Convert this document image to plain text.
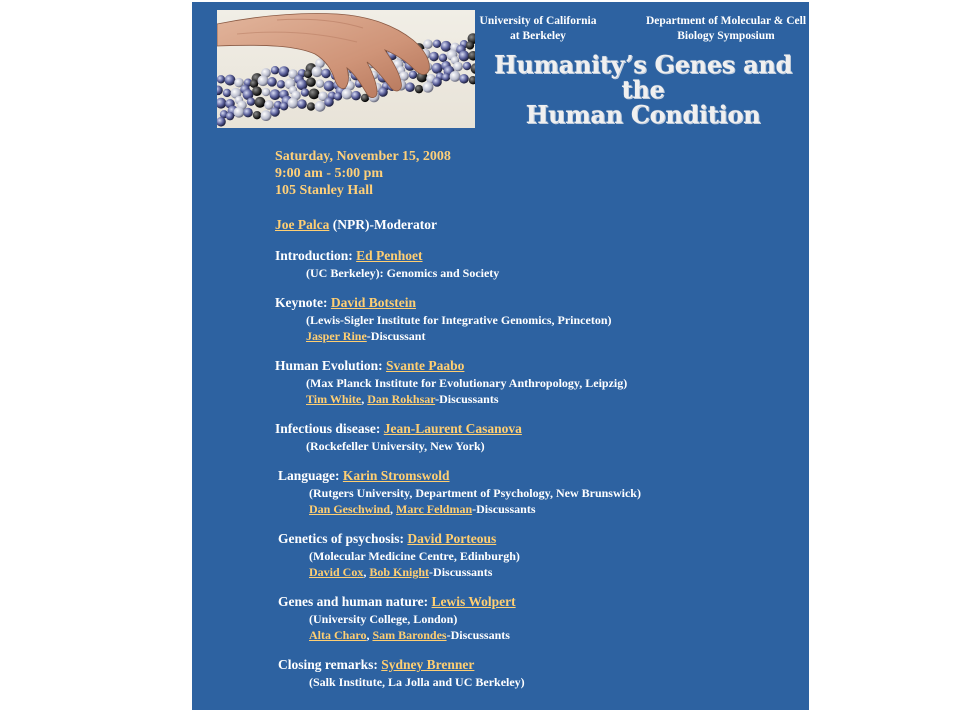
University of California
at Berkeley
Department of Molecular & Cell
Biology Symposium
Humanity’s Genes and the
Human Condition
Saturday, November 15, 2008
9:00 am - 5:00 pm
105 Stanley Hall
Joe Palca (NPR)-Moderator
Introduction: Ed Penhoet
(UC Berkeley): Genomics and Society
Keynote: David Botstein
(Lewis-Sigler Institute for Integrative Genomics, Princeton)
Jasper Rine-Discussant
Human Evolution: Svante Paabo
(Max Planck Institute for Evolutionary Anthropology, Leipzig)
Tim White, Dan Rokhsar-Discussants
Infectious disease: Jean-Laurent Casanova
(Rockefeller University, New York)
Language: Karin Stromswold
(Rutgers University, Department of Psychology, New Brunswick)
Dan Geschwind, Marc Feldman-Discussants
Genetics of psychosis: David Porteous
(Molecular Medicine Centre, Edinburgh)
David Cox, Bob Knight-Discussants
Genes and human nature: Lewis Wolpert
(University College, London)
Alta Charo, Sam Barondes-Discussants
Closing remarks: Sydney Brenner
(Salk Institute, La Jolla and UC Berkeley)
